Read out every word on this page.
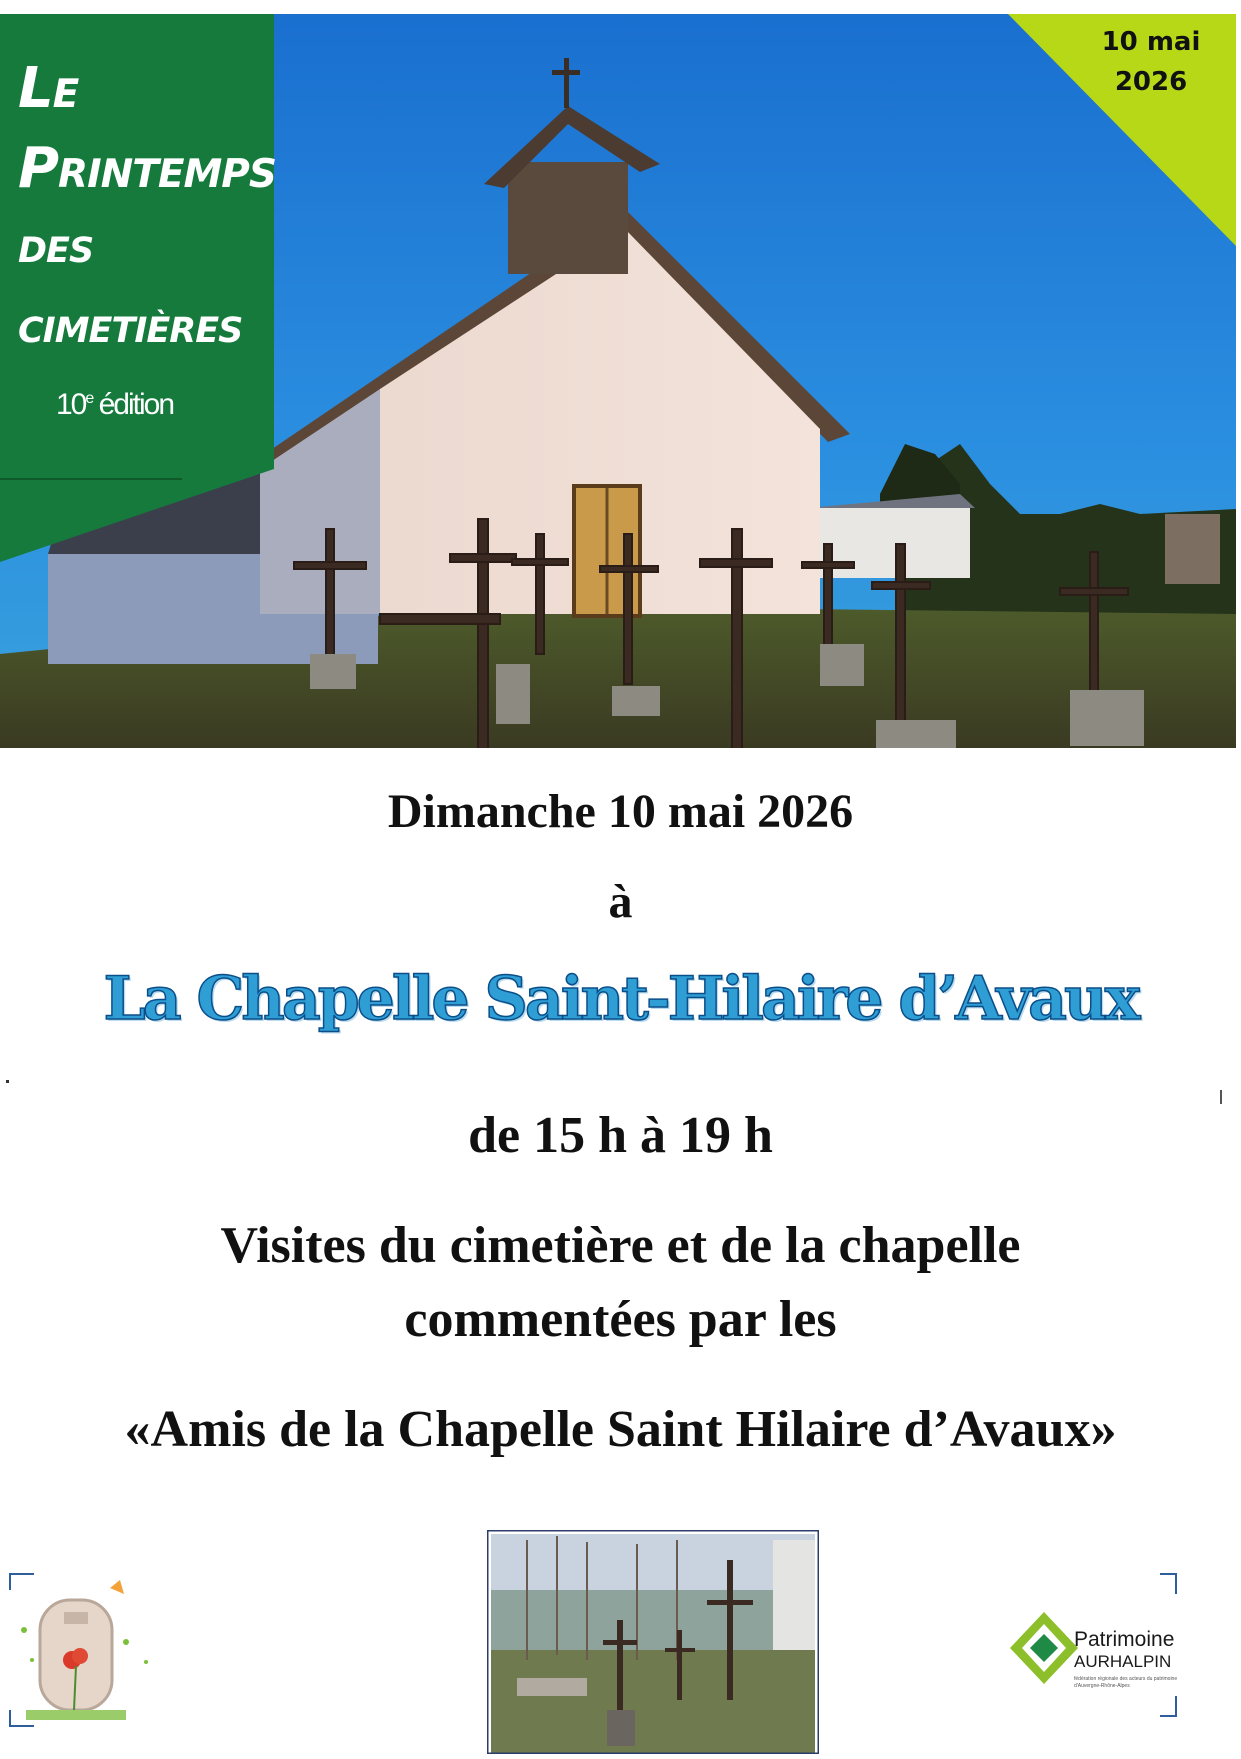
Le
Printemps
des
cimetières
10e édition
10 mai
2026
Dimanche 10 mai 2026
à
La Chapelle Saint-Hilaire d’Avaux
de 15 h à 19 h
Visites du cimetière et de la chapelle
commentées par les
«Amis de la Chapelle Saint Hilaire d’Avaux»
Patrimoine
AURHALPIN
fédération régionale des acteurs du patrimoine
d'Auvergne-Rhône-Alpes
